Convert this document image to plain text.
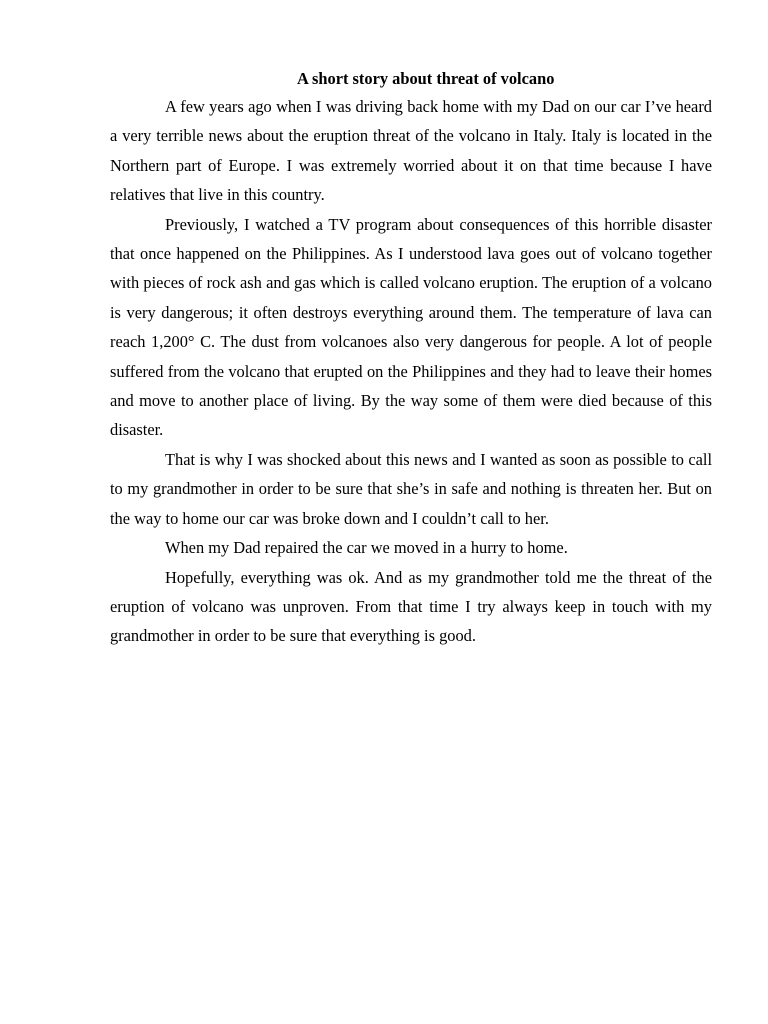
A short story about threat of volcano

A few years ago when I was driving back home with my Dad on our car I’ve heard a very terrible news about the eruption threat of the volcano in Italy. Italy is located in the Northern part of Europe. I was extremely worried about it on that time because I have relatives that live in this country.

Previously, I watched a TV program about consequences of this horrible disaster that once happened on the Philippines. As I understood lava goes out of volcano together with pieces of rock ash and gas which is called volcano eruption. The eruption of a volcano is very dangerous; it often destroys everything around them. The temperature of lava can reach 1,200° C. The dust from volcanoes also very dangerous for people. A lot of people suffered from the volcano that erupted on the Philippines and they had to leave their homes and move to another place of living. By the way some of them were died because of this disaster.

That is why I was shocked about this news and I wanted as soon as possible to call to my grandmother in order to be sure that she’s in safe and nothing is threaten her. But on the way to home our car was broke down and I couldn’t call to her.

When my Dad repaired the car we moved in a hurry to home.

Hopefully, everything was ok. And as my grandmother told me the threat of the eruption of volcano was unproven. From that time I try always keep in touch with my grandmother in order to be sure that everything is good.
